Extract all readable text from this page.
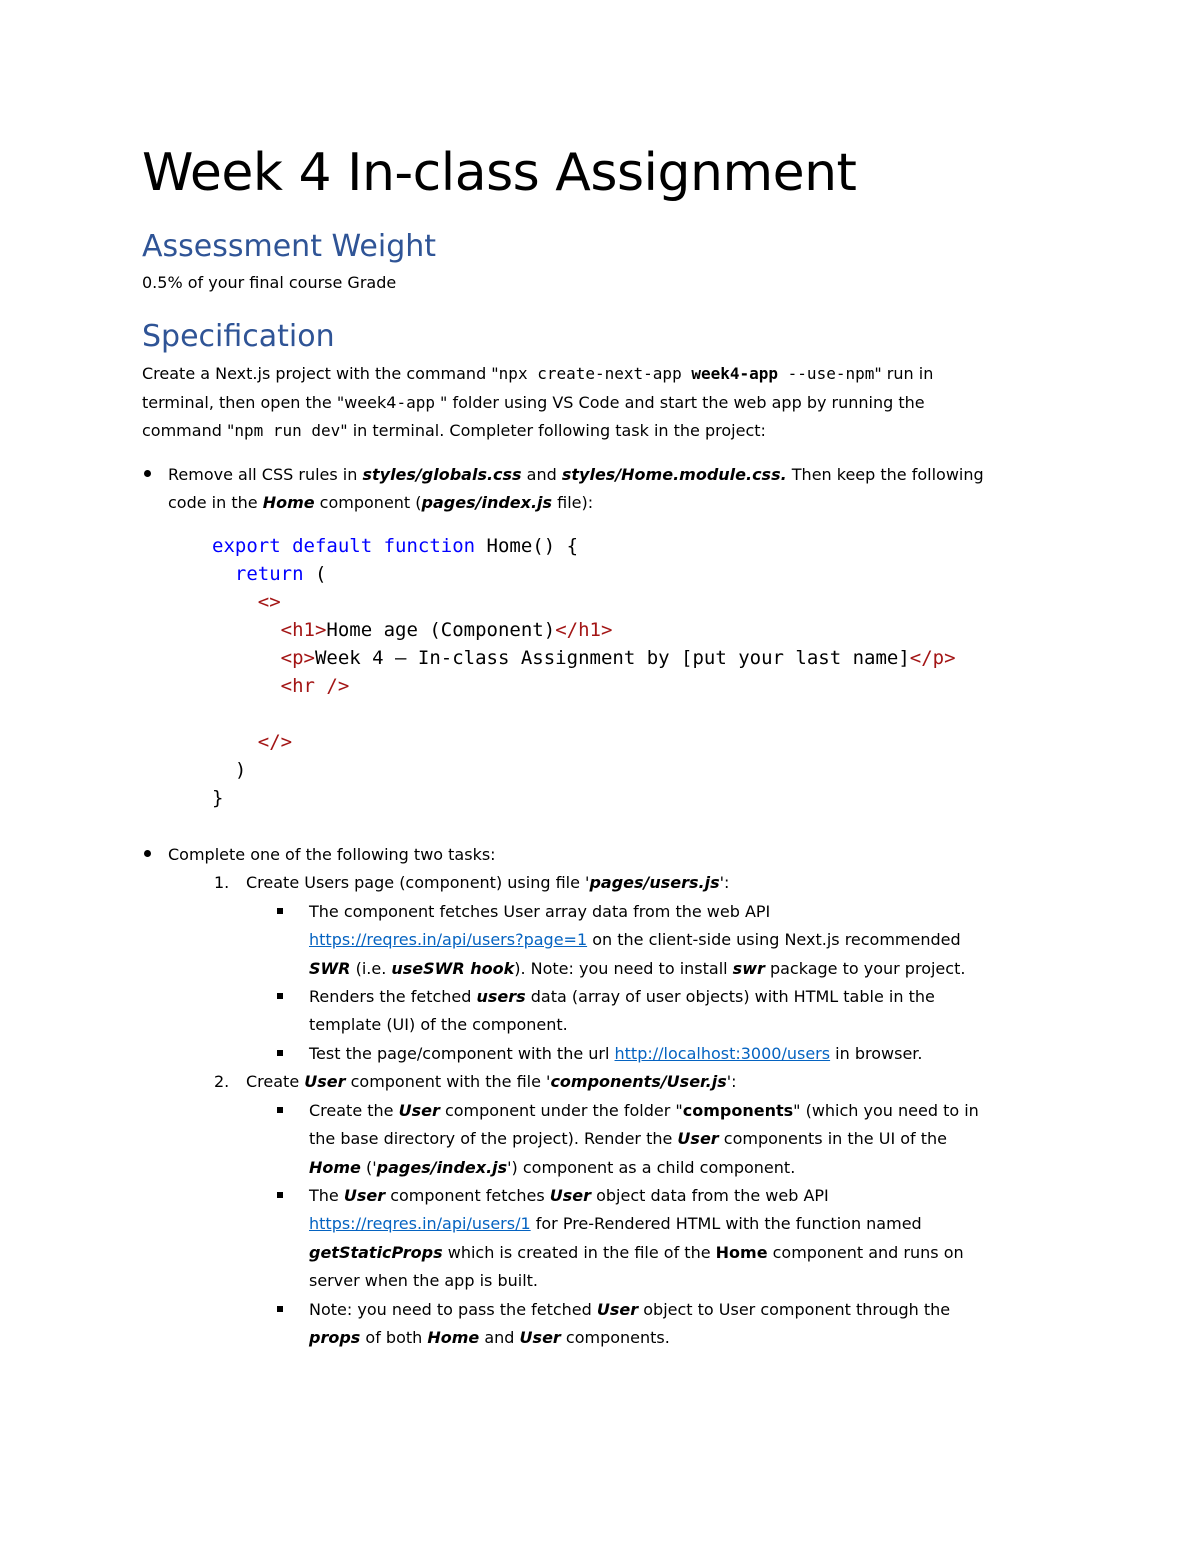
Week 4 In-class Assignment
Assessment Weight

0.5% of your final course Grade

Specification

Create a Next.js project with the command "npx create-next-app week4-app --use-npm" run in

terminal, then open the "week4-app " folder using VS Code and start the web app by running the

command "npm run dev" in terminal. Completer following task in the project:

Remove all CSS rules in styles/globals.css and styles/Home.module.css. Then keep the following

code in the Home component (pages/index.js file):

export default function Home() {
return (
<>
<h1>Home age (Component)</h1>
<p>Week 4 – In-class Assignment by [put your last name]</p>
<hr />

</>
)
}

Complete one of the following two tasks:

1. Create Users page (component) using file 'pages/users.js':

The component fetches User array data from the web API

https://reqres.in/api/users?page=1 on the client-side using Next.js recommended

SWR (i.e. useSWR hook). Note: you need to install swr package to your project.

Renders the fetched users data (array of user objects) with HTML table in the

template (UI) of the component.

Test the page/component with the url http://localhost:3000/users in browser.

2. Create User component with the file 'components/User.js':

Create the User component under the folder "components" (which you need to in

the base directory of the project). Render the User components in the UI of the

Home ('pages/index.js') component as a child component.

The User component fetches User object data from the web API

https://reqres.in/api/users/1 for Pre-Rendered HTML with the function named

getStaticProps which is created in the file of the Home component and runs on

server when the app is built.

Note: you need to pass the fetched User object to User component through the

props of both Home and User components.
